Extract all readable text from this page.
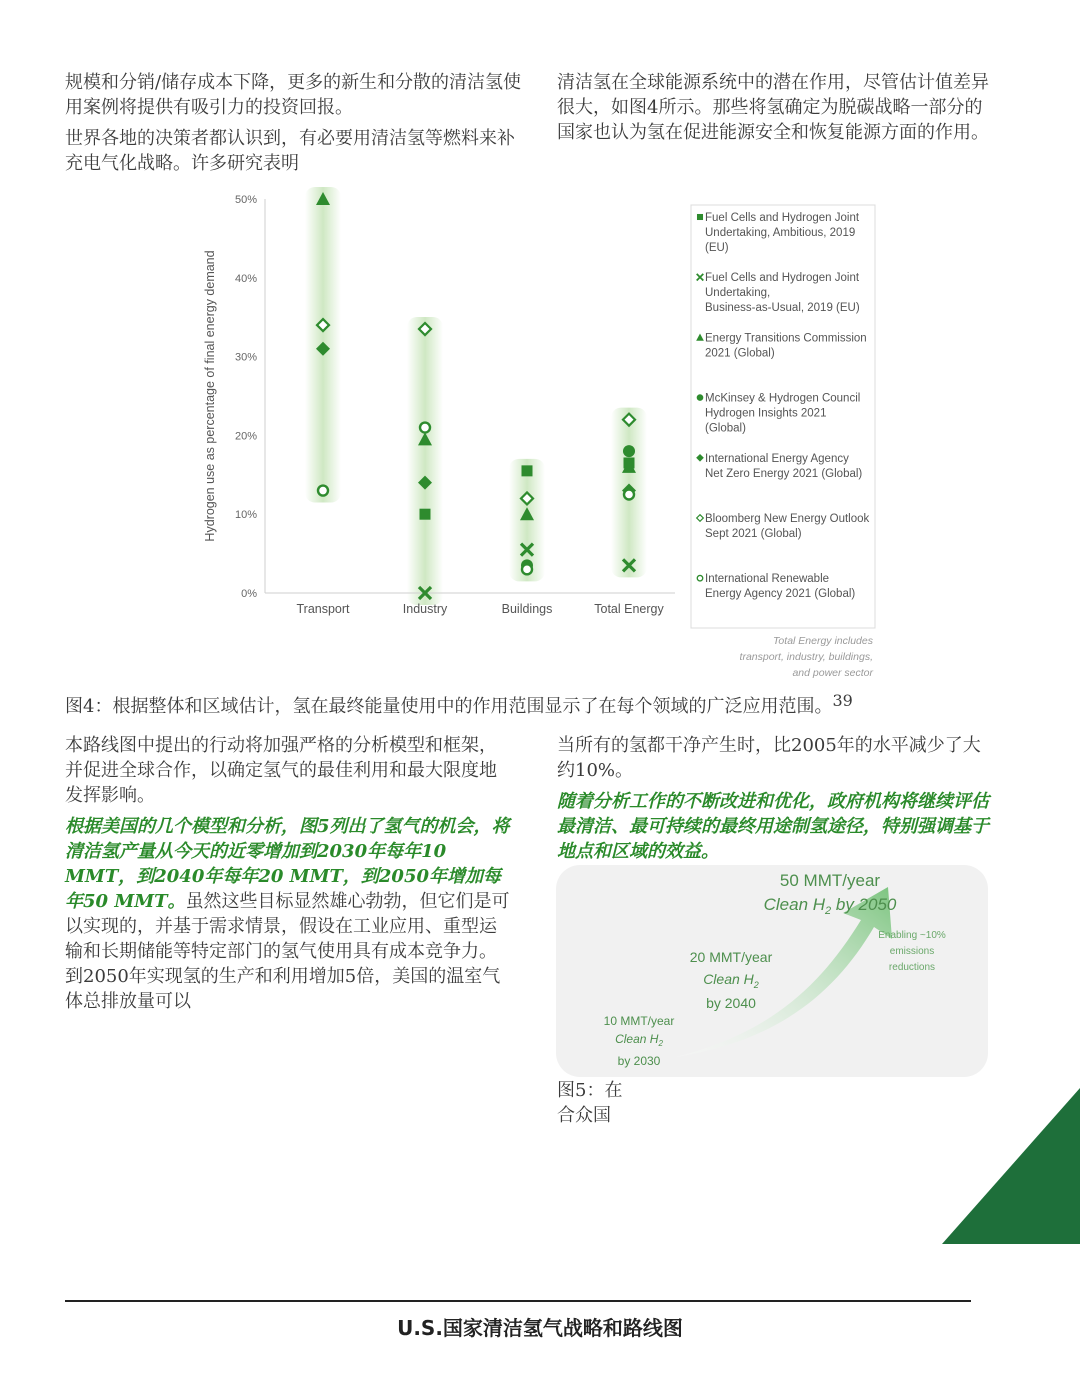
规模和分销/储存成本下降，更多的新生和分散的清洁氢使用案例将提供有吸引力的投资回报。

世界各地的决策者都认识到，有必要用清洁氢等燃料来补充电气化战略。许多研究表明

清洁氢在全球能源系统中的潜在作用，尽管估计值差异很大，如图4所示。那些将氢确定为脱碳战略一部分的国家也认为氢在促进能源安全和恢复能源方面的作用。

0%
10%
20%
30%
40%
50%
Hydrogen use as percentage of final energy demand
Transport	Industry	Buildings	Total Energy
Fuel Cells and Hydrogen Joint
Undertaking, Ambitious, 2019
(EU)
Fuel Cells and Hydrogen Joint
Undertaking,
Business-as-Usual, 2019 (EU)
Energy Transitions Commission
2021 (Global)
McKinsey & Hydrogen Council
Hydrogen Insights 2021
(Global)
International Energy Agency
Net Zero Energy 2021 (Global)
Bloomberg New Energy Outlook
Sept 2021 (Global)
International Renewable
Energy Agency 2021 (Global)
Total Energy includes
transport, industry, buildings,
and power sector
图4：根据整体和区域估计，氢在最终能量使用中的作用范围显示了在每个领域的广泛应用范围。39

本路线图中提出的行动将加强严格的分析模型和框架，并促进全球合作，以确定氢气的最佳利用和最大限度地发挥影响。

根据美国的几个模型和分析，图5列出了氢气的机会，将清洁氢产量从今天的近零增加到2030年每年10 MMT，到2040年每年20 MMT，到2050年增加每年50 MMT。虽然这些目标显然雄心勃勃，但它们是可以实现的，并基于需求情景，假设在工业应用、重型运输和长期储能等特定部门的氢气使用具有成本竞争力。到2050年实现氢的生产和利用增加5倍，美国的温室气体总排放量可以

当所有的氢都干净产生时，比2005年的水平减少了大约10%。

随着分析工作的不断改进和优化，政府机构将继续评估最清洁、最可持续的最终用途制氢途径，特别强调基于地点和区域的效益。

50 MMT/year
Clean $H_2$ by 2050
20 MMT/year
Clean $H_2$
by 2040
10 MMT/year
Clean $H_2$
by 2030
Enabling ~10%
emissions
reductions
图5：在
合众国
U.S.国家清洁氢气战略和路线图
